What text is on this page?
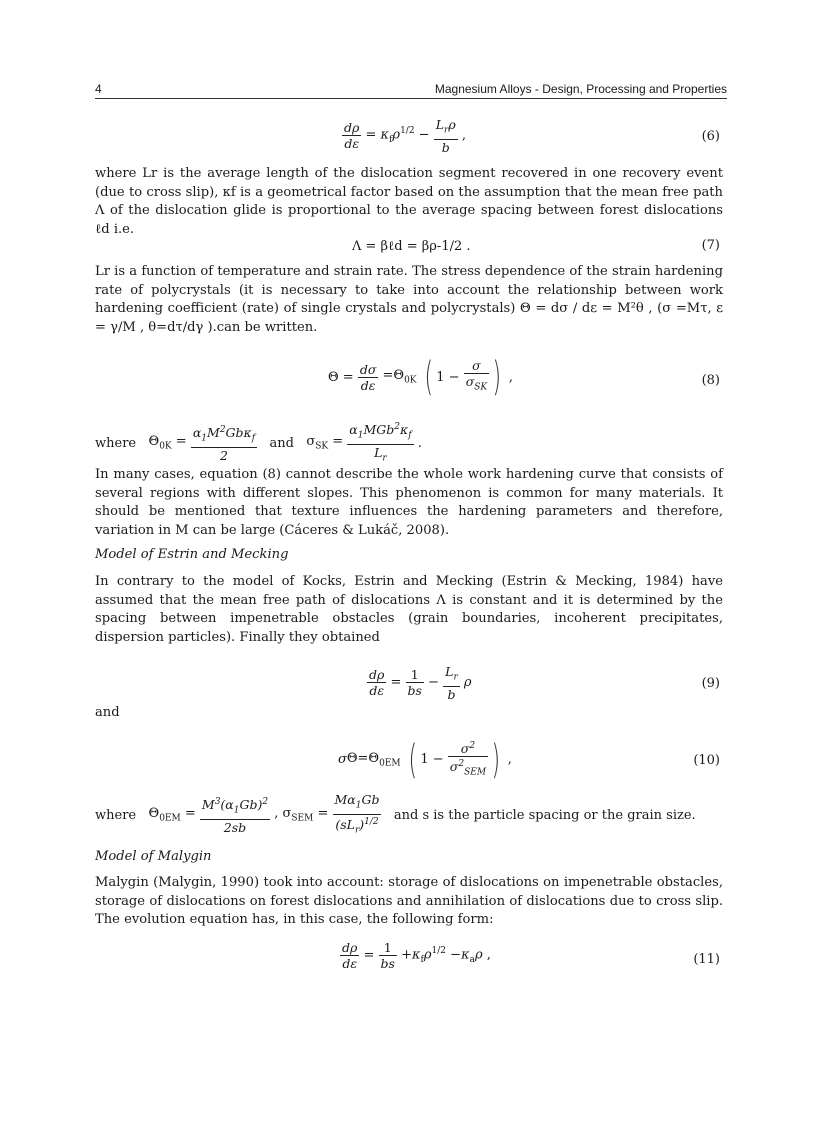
4	Magnesium Alloys - Design, Processing and Properties
$\frac{d\rho}{d\varepsilon} = \kappa_f\rho^{1/2} - \frac{L_r\rho}{b}$ ,	(6)

where Lr is the average length of the dislocation segment recovered in one recovery event (due to cross slip), κf is a geometrical factor based on the assumption that the mean free path Λ of the dislocation glide is proportional to the average spacing between forest dislocations ℓd i.e.

Λ = βℓd = βρ-1/2 .	(7)

Lr is a function of temperature and strain rate. The stress dependence of the strain hardening rate of polycrystals (it is necessary to take into account the relationship between work hardening coefficient (rate) of single crystals and polycrystals) Θ = dσ / dε = M²θ , (σ =Mτ, ε = γ/M , θ=dτ/dγ ).can be written.

$\Theta = \frac{d\sigma}{d\varepsilon} =\Theta_{0K}$ ( $1 - \frac{\sigma}{\sigma_{SK}}$ ) ,	(8)
where   $\Theta_{0K} = \frac{\alpha_1M^2Gb\kappa_f}{2}$ and   $\sigma_{SK} = \frac{\alpha_1MGb^2\kappa_f}{L_r}$ .

In many cases, equation (8) cannot describe the whole work hardening curve that consists of several regions with different slopes. This phenomenon is common for many materials. It should be mentioned that texture influences the hardening parameters and therefore, variation in M can be large (Cáceres & Lukáč, 2008).

Model of Estrin and Mecking

In contrary to the model of Kocks, Estrin and Mecking (Estrin & Mecking, 1984) have assumed that the mean free path of dislocations Λ is constant and it is determined by the spacing between impenetrable obstacles (grain boundaries, incoherent precipitates, dispersion particles). Finally they obtained

$\frac{d\rho}{d\varepsilon} = \frac{1}{bs} - \frac{L_r}{b}$ ρ	(9)

and

$\sigma\Theta=\Theta_{0EM}$ ( $1 - \frac{\sigma^2}{\sigma^2_{SEM}}$ ) ,	(10)
where   $\Theta_{0EM} = \frac{M^3(\alpha_1Gb)^2}{2sb}$ , $\sigma_{SEM} = \frac{M\alpha_1Gb}{(sL_r)^{1/2}}$ and s is the particle spacing or the grain size.

Model of Malygin

Malygin (Malygin, 1990) took into account: storage of dislocations on impenetrable obstacles, storage of dislocations on forest dislocations and annihilation of dislocations due to cross slip. The evolution equation has, in this case, the following form:

$\frac{d\rho}{d\varepsilon} = \frac{1}{bs} +\kappa_f\rho^{1/2} -\kappa_a\rho$ ,	(11)
